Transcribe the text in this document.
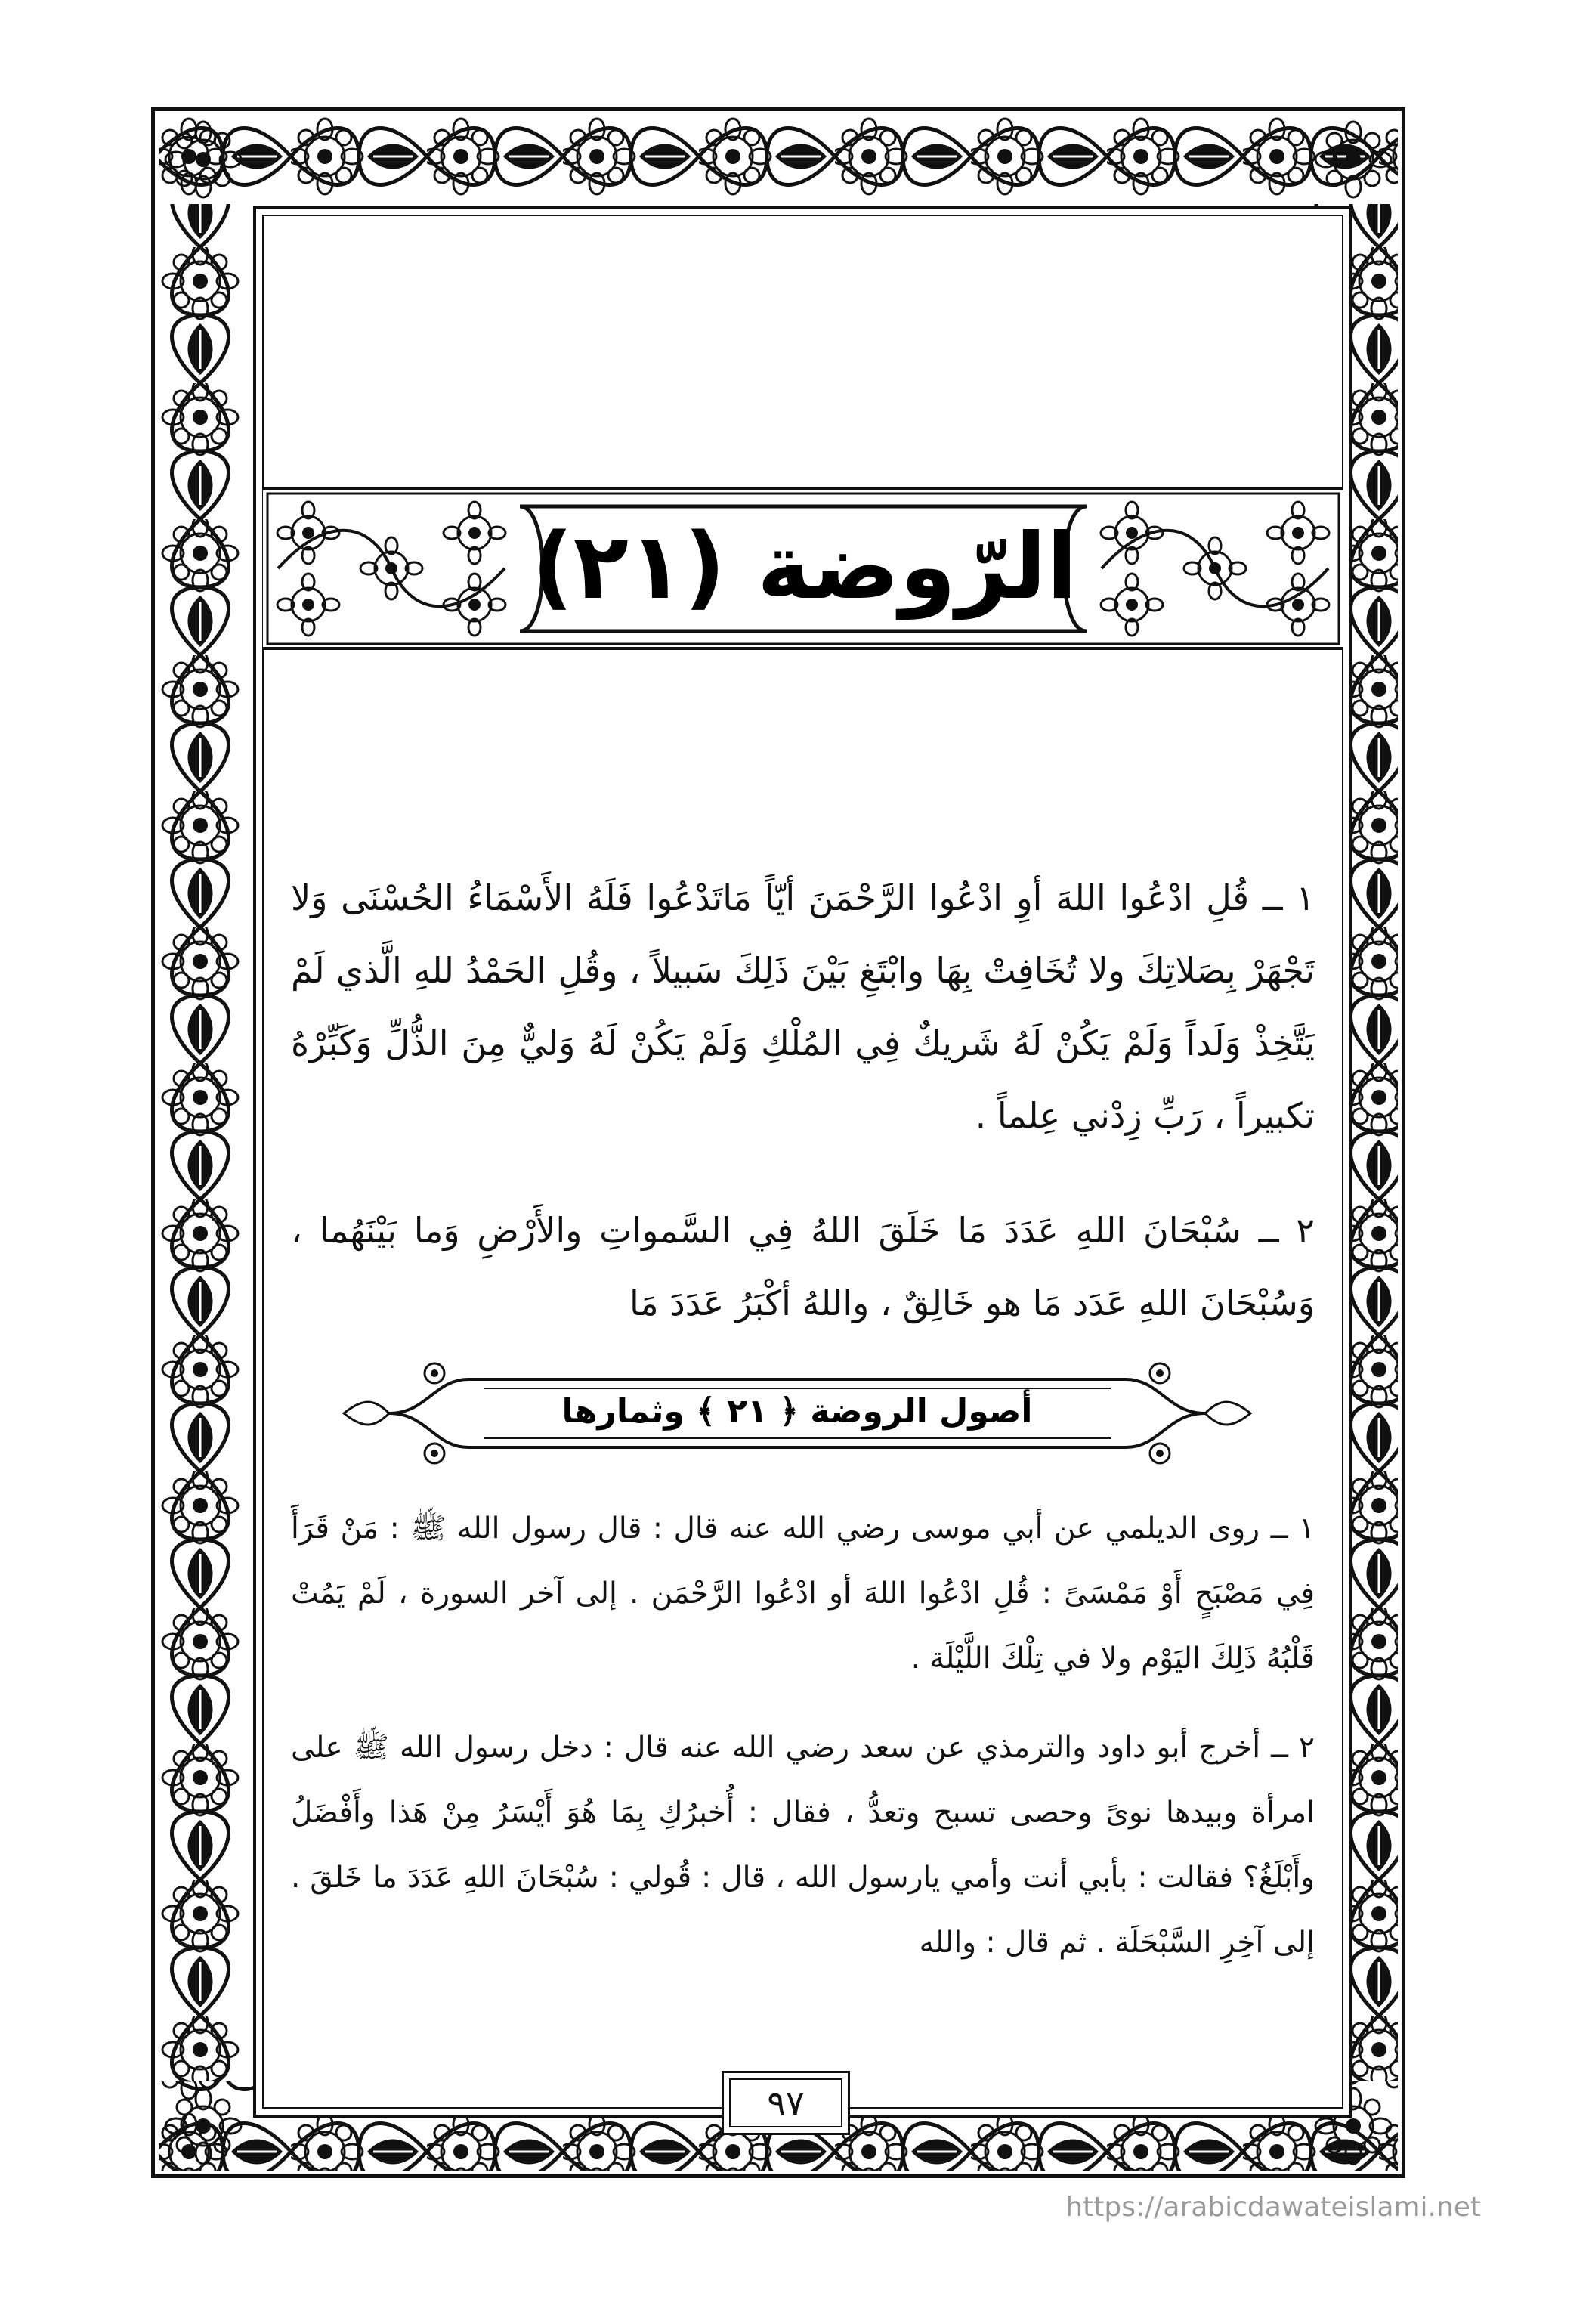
الرّوضة (٢١)
١ ــ قُلِ ادْعُوا اللهَ أوِ ادْعُوا الرَّحْمَنَ أيّاً مَاتَدْعُوا فَلَهُ الأَسْمَاءُ الحُسْنَى وَلا تَجْهَرْ بِصَلاتِكَ ولا تُخَافِتْ بِهَا وابْتَغِ بَيْنَ ذَلِكَ سَبيلاً ، وقُلِ الحَمْدُ للهِ الَّذي لَمْ يَتَّخِذْ وَلَداً وَلَمْ يَكُنْ لَهُ شَريكٌ فِي المُلْكِ وَلَمْ يَكُنْ لَهُ وَليٌّ مِنَ الذُّلِّ وَكَبِّرْهُ تكبيراً ، رَبِّ زِدْني عِلماً .
٢ ــ سُبْحَانَ اللهِ عَدَدَ مَا خَلَقَ اللهُ فِي السَّمواتِ والأَرْضِ وَما بَيْنَهُما ، وَسُبْحَانَ اللهِ عَدَد مَا هو خَالِقٌ ، واللهُ أكْبَرُ عَدَدَ مَا
أصول الروضة ﴿ ٢١ ﴾ وثمارها
١ ــ روى الديلمي عن أبي موسى رضي الله عنه قال : قال رسول الله ﷺ : مَنْ قَرَأَ فِي مَصْبَحٍ أَوْ مَمْسَىً : قُلِ ادْعُوا اللهَ أو ادْعُوا الرَّحْمَن . إلى آخر السورة ، لَمْ يَمُتْ قَلْبُهُ ذَلِكَ اليَوْم ولا في تِلْكَ اللَّيْلَة .
٢ ــ أخرج أبو داود والترمذي عن سعد رضي الله عنه قال : دخل رسول الله ﷺ على امرأة وبيدها نوىً وحصى تسبح وتعدُّ ، فقال : أُخبرُكِ بِمَا هُوَ أَيْسَرُ مِنْ هَذا وأَفْضَلُ وأَبْلَغُ؟ فقالت : بأبي أنت وأمي يارسول الله ، قال : قُولي : سُبْحَانَ اللهِ عَدَدَ ما خَلقَ . إلى آخِرِ السَّبْحَلَة . ثم قال : والله
٩٧
https://arabicdawateislami.net
